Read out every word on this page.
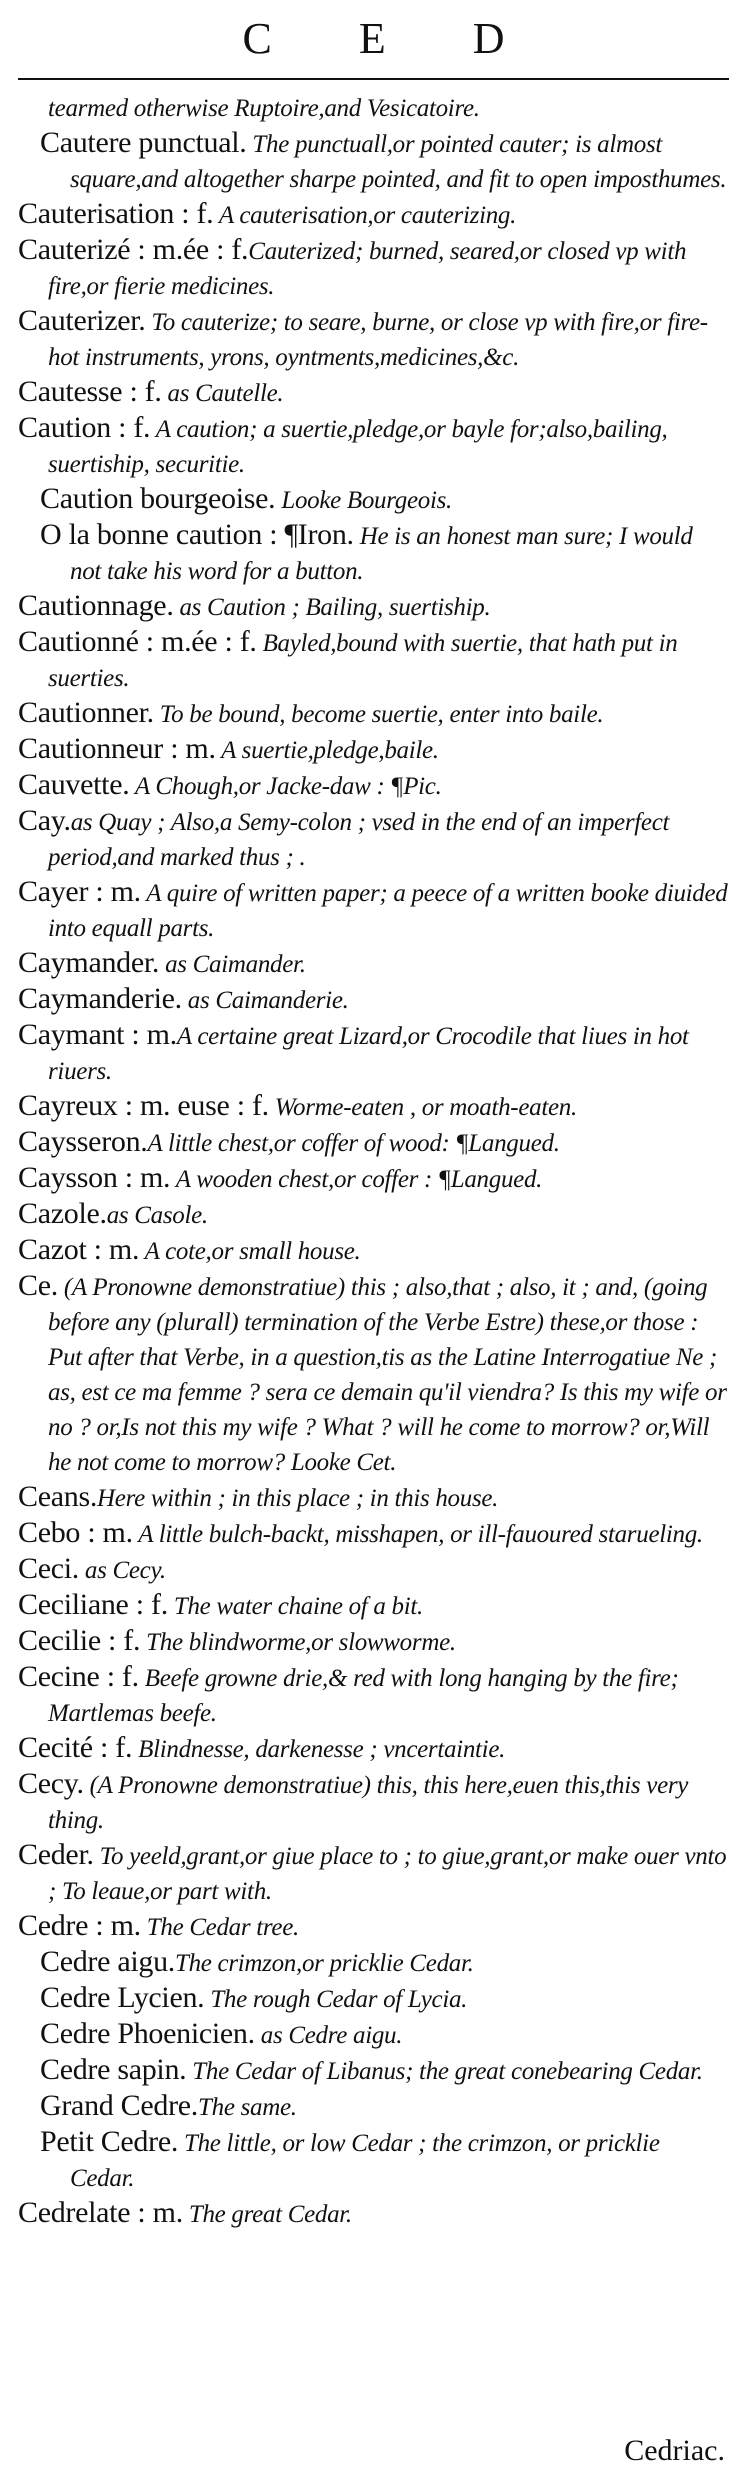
C E D
tearmed otherwise Ruptoire,and Vesicatoire.
Cautere punctual. The punctuall,or pointed cauter; is almost square,and altogether sharpe pointed, and fit to open imposthumes.
Cauterisation : f. A cauterisation,or cauterizing.
Cauterizé : m.ée : f.Cauterized; burned, seared,or closed vp with fire,or fierie medicines.
Cauterizer. To cauterize; to seare, burne, or close vp with fire,or fire-hot instruments, yrons, oyntments,medicines,&c.
Cautesse : f. as Cautelle.
Caution : f. A caution; a suertie,pledge,or bayle for;also,bailing, suertiship, securitie.
Caution bourgeoise. Looke Bourgeois.
O la bonne caution : ¶Iron. He is an honest man sure; I would not take his word for a button.
Cautionnage. as Caution ; Bailing, suertiship.
Cautionné : m.ée : f. Bayled,bound with suertie, that hath put in suerties.
Cautionner. To be bound, become suertie, enter into baile.
Cautionneur : m. A suertie,pledge,baile.
Cauvette. A Chough,or Jacke-daw : ¶Pic.
Cay.as Quay ; Also,a Semy-colon ; vsed in the end of an imperfect period,and marked thus ; .
Cayer : m. A quire of written paper; a peece of a written booke diuided into equall parts.
Caymander. as Caimander.
Caymanderie. as Caimanderie.
Caymant : m.A certaine great Lizard,or Crocodile that liues in hot riuers.
Cayreux : m. euse : f. Worme-eaten , or moath-eaten.
Caysseron.A little chest,or coffer of wood: ¶Langued.
Caysson : m. A wooden chest,or coffer : ¶Langued.
Cazole.as Casole.
Cazot : m. A cote,or small house.
Ce. (A Pronowne demonstratiue) this ; also,that ; also, it ; and, (going before any (plurall) termination of the Verbe Estre) these,or those : Put after that Verbe, in a question,tis as the Latine Interrogatiue Ne ; as, est ce ma femme ? sera ce demain qu'il viendra? Is this my wife or no ? or,Is not this my wife ? What ? will he come to morrow? or,Will he not come to morrow? Looke Cet.
Ceans.Here within ; in this place ; in this house.
Cebo : m. A little bulch-backt, misshapen, or ill-fauoured starueling.
Ceci. as Cecy.
Ceciliane : f. The water chaine of a bit.
Cecilie : f. The blindworme,or slowworme.
Cecine : f. Beefe growne drie,& red with long hanging by the fire; Martlemas beefe.
Cecité : f. Blindnesse, darkenesse ; vncertaintie.
Cecy. (A Pronowne demonstratiue) this, this here,euen this,this very thing.
Ceder. To yeeld,grant,or giue place to ; to giue,grant,or make ouer vnto ; To leaue,or part with.
Cedre : m. The Cedar tree.
Cedre aigu.The crimzon,or pricklie Cedar.
Cedre Lycien. The rough Cedar of Lycia.
Cedre Phoenicien. as Cedre aigu.
Cedre sapin. The Cedar of Libanus; the great conebearing Cedar.
Grand Cedre.The same.
Petit Cedre. The little, or low Cedar ; the crimzon, or pricklie Cedar.
Cedrelate : m. The great Cedar.
Cedriac.
